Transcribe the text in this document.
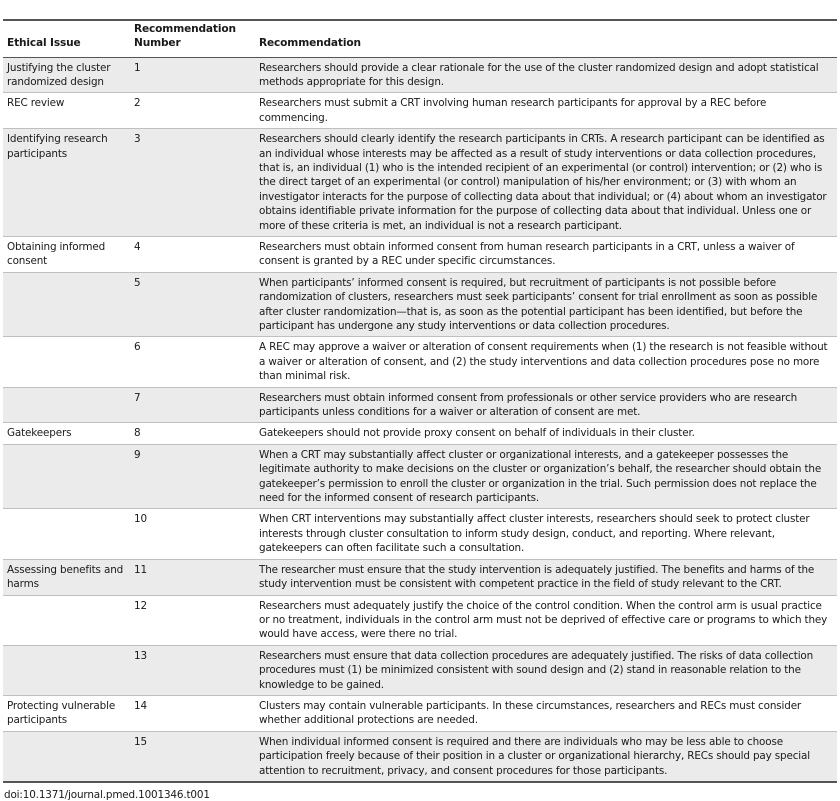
Ethical Issue	Recommendation Number	Recommendation
Justifying the cluster randomized design	1	Researchers should provide a clear rationale for the use of the cluster randomized design and adopt statistical methods appropriate for this design.
REC review	2	Researchers must submit a CRT involving human research participants for approval by a REC before commencing.
Identifying research participants	3	Researchers should clearly identify the research participants in CRTs. A research participant can be identified as an individual whose interests may be affected as a result of study interventions or data collection procedures, that is, an individual (1) who is the intended recipient of an experimental (or control) intervention; or (2) who is the direct target of an experimental (or control) manipulation of his/her environment; or (3) with whom an investigator interacts for the purpose of collecting data about that individual; or (4) about whom an investigator obtains identifiable private information for the purpose of collecting data about that individual. Unless one or more of these criteria is met, an individual is not a research participant.
Obtaining informed consent	4	Researchers must obtain informed consent from human research participants in a CRT, unless a waiver of consent is granted by a REC under specific circumstances.
	5	When participants’ informed consent is required, but recruitment of participants is not possible before randomization of clusters, researchers must seek participants’ consent for trial enrollment as soon as possible after cluster randomization—that is, as soon as the potential participant has been identified, but before the participant has undergone any study interventions or data collection procedures.
	6	A REC may approve a waiver or alteration of consent requirements when (1) the research is not feasible without a waiver or alteration of consent, and (2) the study interventions and data collection procedures pose no more than minimal risk.
	7	Researchers must obtain informed consent from professionals or other service providers who are research participants unless conditions for a waiver or alteration of consent are met.
Gatekeepers	8	Gatekeepers should not provide proxy consent on behalf of individuals in their cluster.
	9	When a CRT may substantially affect cluster or organizational interests, and a gatekeeper possesses the legitimate authority to make decisions on the cluster or organization’s behalf, the researcher should obtain the gatekeeper’s permission to enroll the cluster or organization in the trial. Such permission does not replace the need for the informed consent of research participants.
	10	When CRT interventions may substantially affect cluster interests, researchers should seek to protect cluster interests through cluster consultation to inform study design, conduct, and reporting. Where relevant, gatekeepers can often facilitate such a consultation.
Assessing benefits and harms	11	The researcher must ensure that the study intervention is adequately justified. The benefits and harms of the study intervention must be consistent with competent practice in the field of study relevant to the CRT.
	12	Researchers must adequately justify the choice of the control condition. When the control arm is usual practice or no treatment, individuals in the control arm must not be deprived of effective care or programs to which they would have access, were there no trial.
	13	Researchers must ensure that data collection procedures are adequately justified. The risks of data collection procedures must (1) be minimized consistent with sound design and (2) stand in reasonable relation to the knowledge to be gained.
Protecting vulnerable participants	14	Clusters may contain vulnerable participants. In these circumstances, researchers and RECs must consider whether additional protections are needed.
	15	When individual informed consent is required and there are individuals who may be less able to choose participation freely because of their position in a cluster or organizational hierarchy, RECs should pay special attention to recruitment, privacy, and consent procedures for those participants.
doi:10.1371/journal.pmed.1001346.t001
